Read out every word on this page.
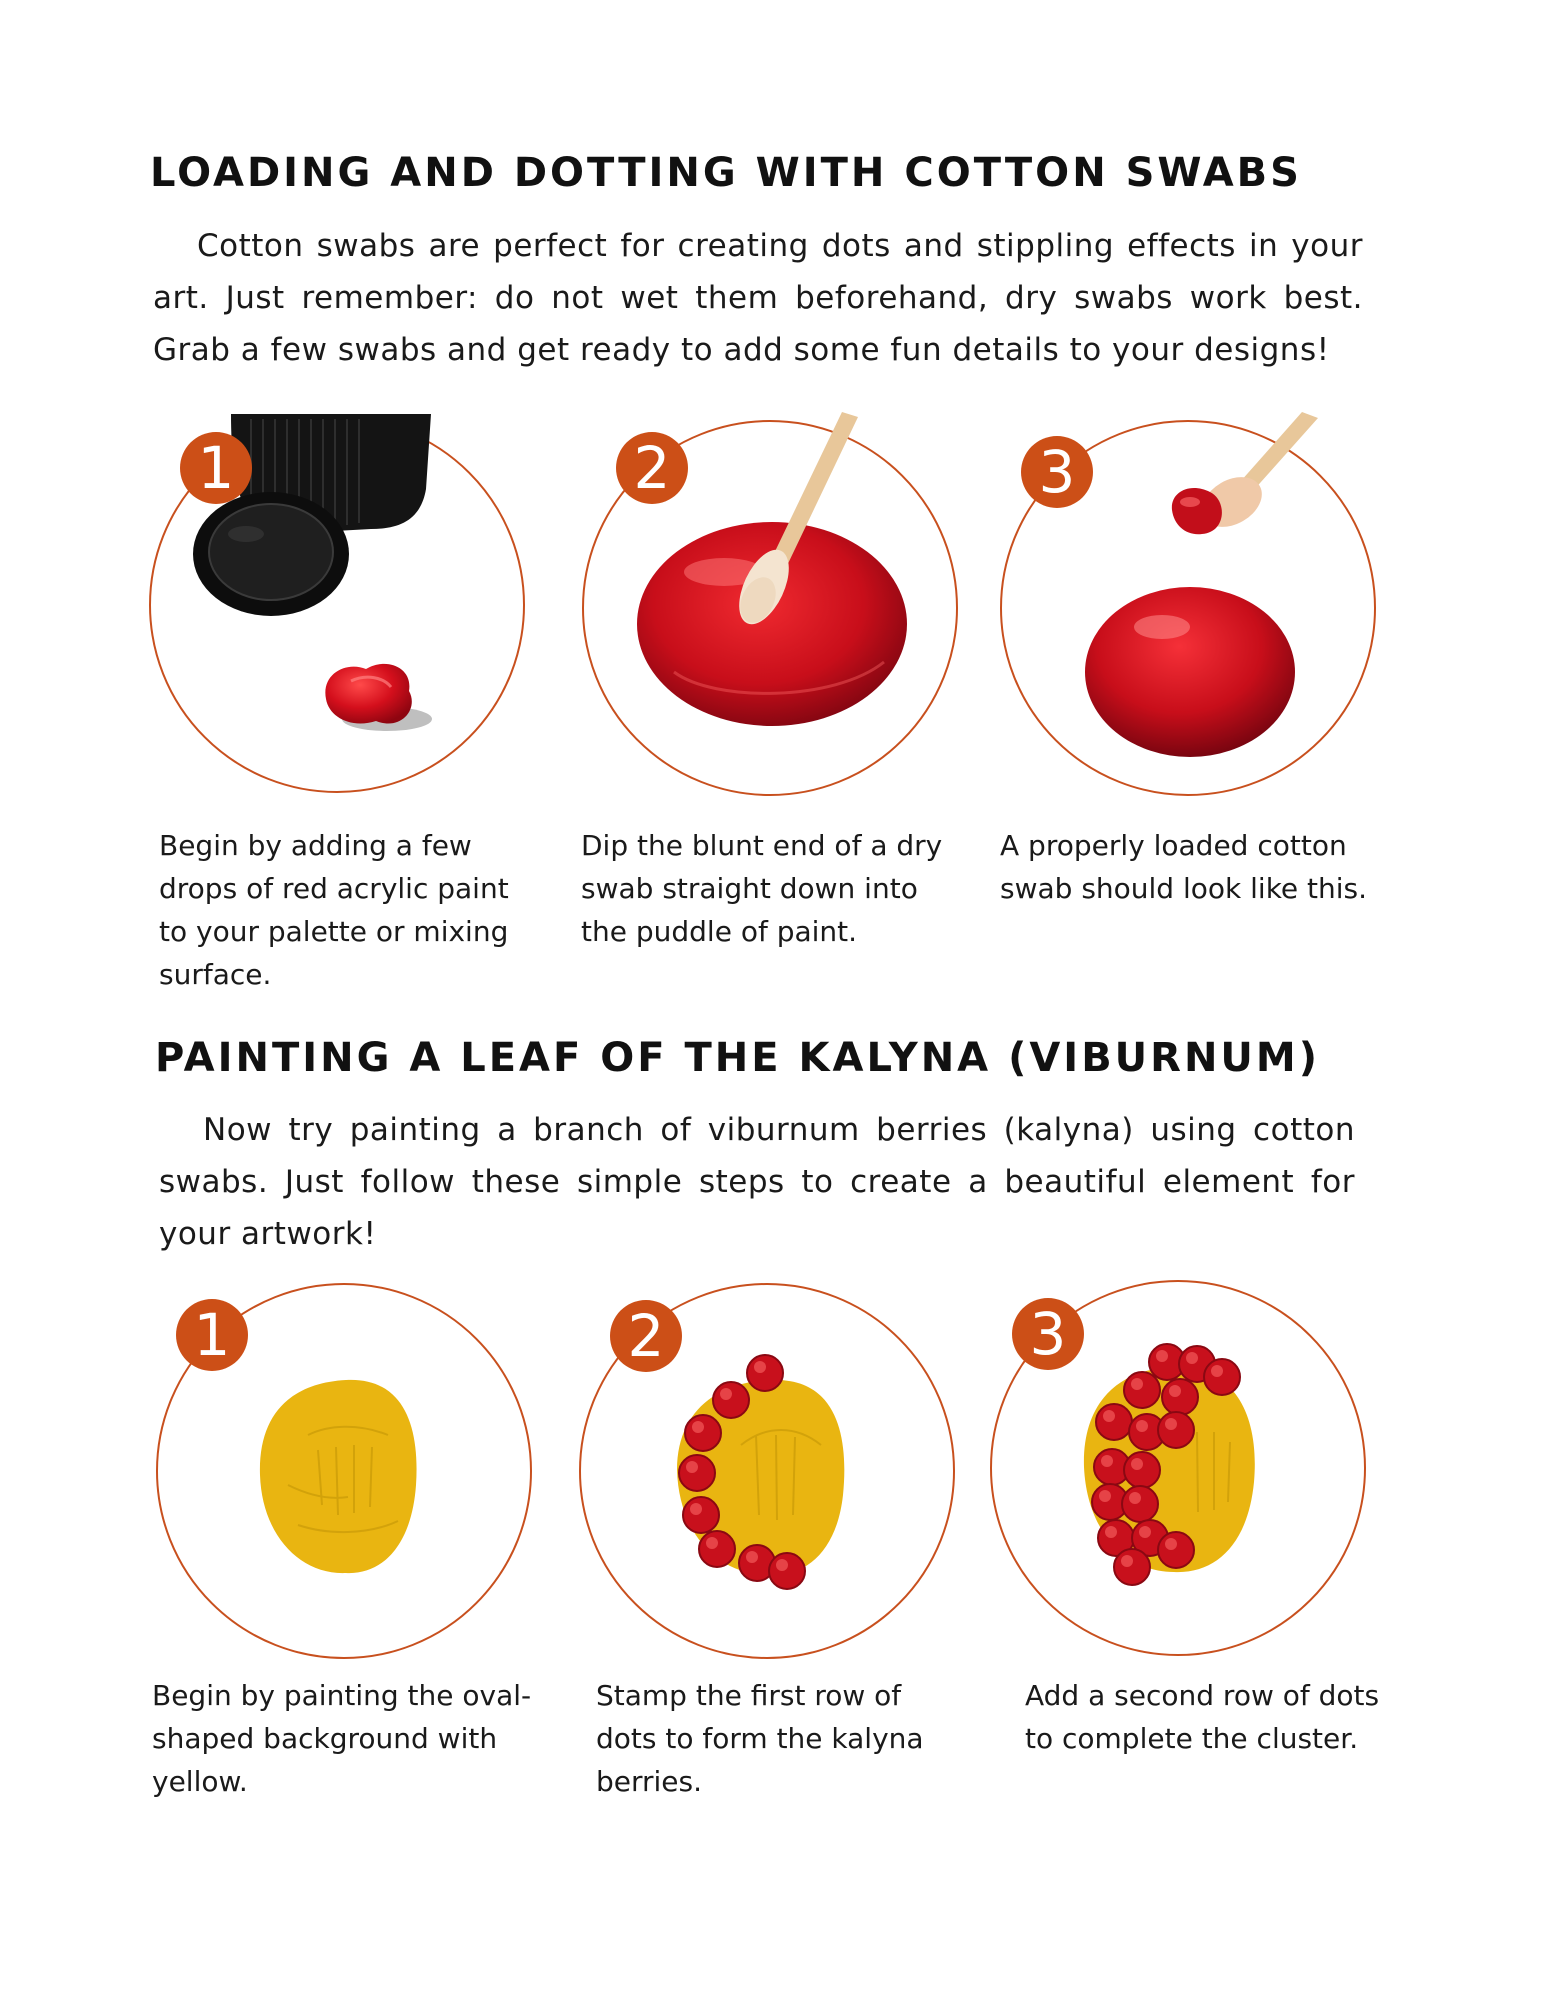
LOADING AND DOTTING WITH COTTON SWABS

Cotton swabs are perfect for creating dots and stippling effects in your art. Just remember: do not wet them beforehand, dry swabs work best. Grab a few swabs and get ready to add some fun details to your designs!

1

Begin by adding a few drops of red acrylic paint to your palette or mixing surface.

2

Dip the blunt end of a dry swab straight down into the puddle of paint.

3

A properly loaded cotton swab should look like this.

PAINTING A LEAF OF THE KALYNA (VIBURNUM)

Now try painting a branch of viburnum berries (kalyna) using cotton swabs. Just follow these simple steps to create a beautiful element for your artwork!

1

Begin by painting the oval-shaped background with yellow.

2

Stamp the first row of dots to form the kalyna berries.

3

Add a second row of dots to complete the cluster.
